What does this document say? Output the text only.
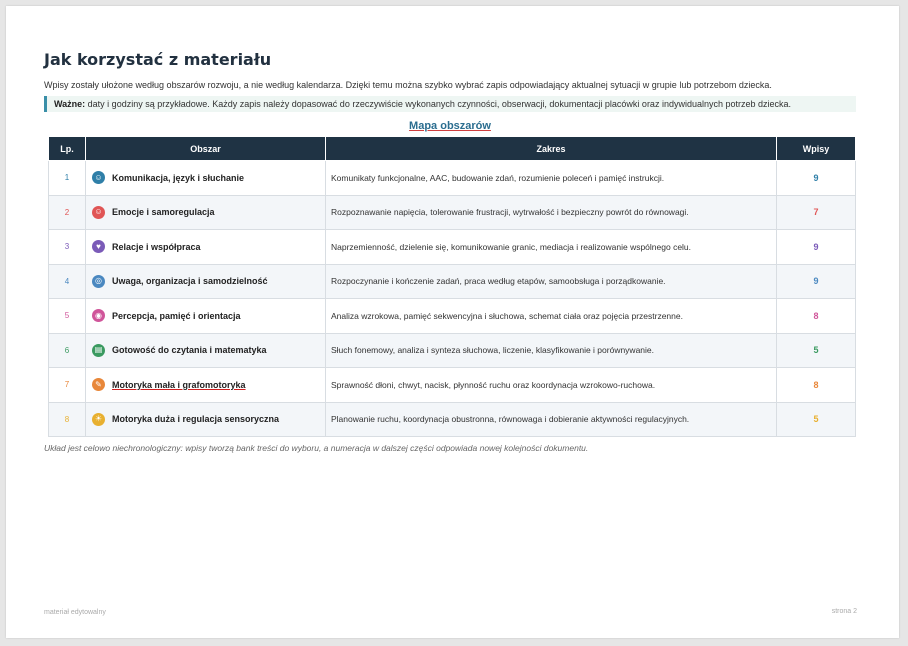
Jak korzystać z materiału
Wpisy zostały ułożone według obszarów rozwoju, a nie według kalendarza. Dzięki temu można szybko wybrać zapis odpowiadający aktualnej sytuacji w grupie lub potrzebom dziecka.
Ważne: daty i godziny są przykładowe. Każdy zapis należy dopasować do rzeczywiście wykonanych czynności, obserwacji, dokumentacji placówki oraz indywidualnych potrzeb dziecka.
Mapa obszarów
Lp.	Obszar	Zakres	Wpisy
1	☺ Komunikacja, język i słuchanie	Komunikaty funkcjonalne, AAC, budowanie zdań, rozumienie poleceń i pamięć instrukcji.	9
2	☺ Emocje i samoregulacja	Rozpoznawanie napięcia, tolerowanie frustracji, wytrwałość i bezpieczny powrót do równowagi.	7
3	♥ Relacje i współpraca	Naprzemienność, dzielenie się, komunikowanie granic, mediacja i realizowanie wspólnego celu.	9
4	◎ Uwaga, organizacja i samodzielność	Rozpoczynanie i kończenie zadań, praca według etapów, samoobsługa i porządkowanie.	9
5	◉ Percepcja, pamięć i orientacja	Analiza wzrokowa, pamięć sekwencyjna i słuchowa, schemat ciała oraz pojęcia przestrzenne.	8
6	▤ Gotowość do czytania i matematyka	Słuch fonemowy, analiza i synteza słuchowa, liczenie, klasyfikowanie i porównywanie.	5
7	✎ Motoryka mała i grafomotoryka	Sprawność dłoni, chwyt, nacisk, płynność ruchu oraz koordynacja wzrokowo-ruchowa.	8
8	☀ Motoryka duża i regulacja sensoryczna	Planowanie ruchu, koordynacja obustronna, równowaga i dobieranie aktywności regulacyjnych.	5
Układ jest celowo niechronologiczny: wpisy tworzą bank treści do wyboru, a numeracja w dalszej części odpowiada nowej kolejności dokumentu.
materiał edytowalny	strona 2
